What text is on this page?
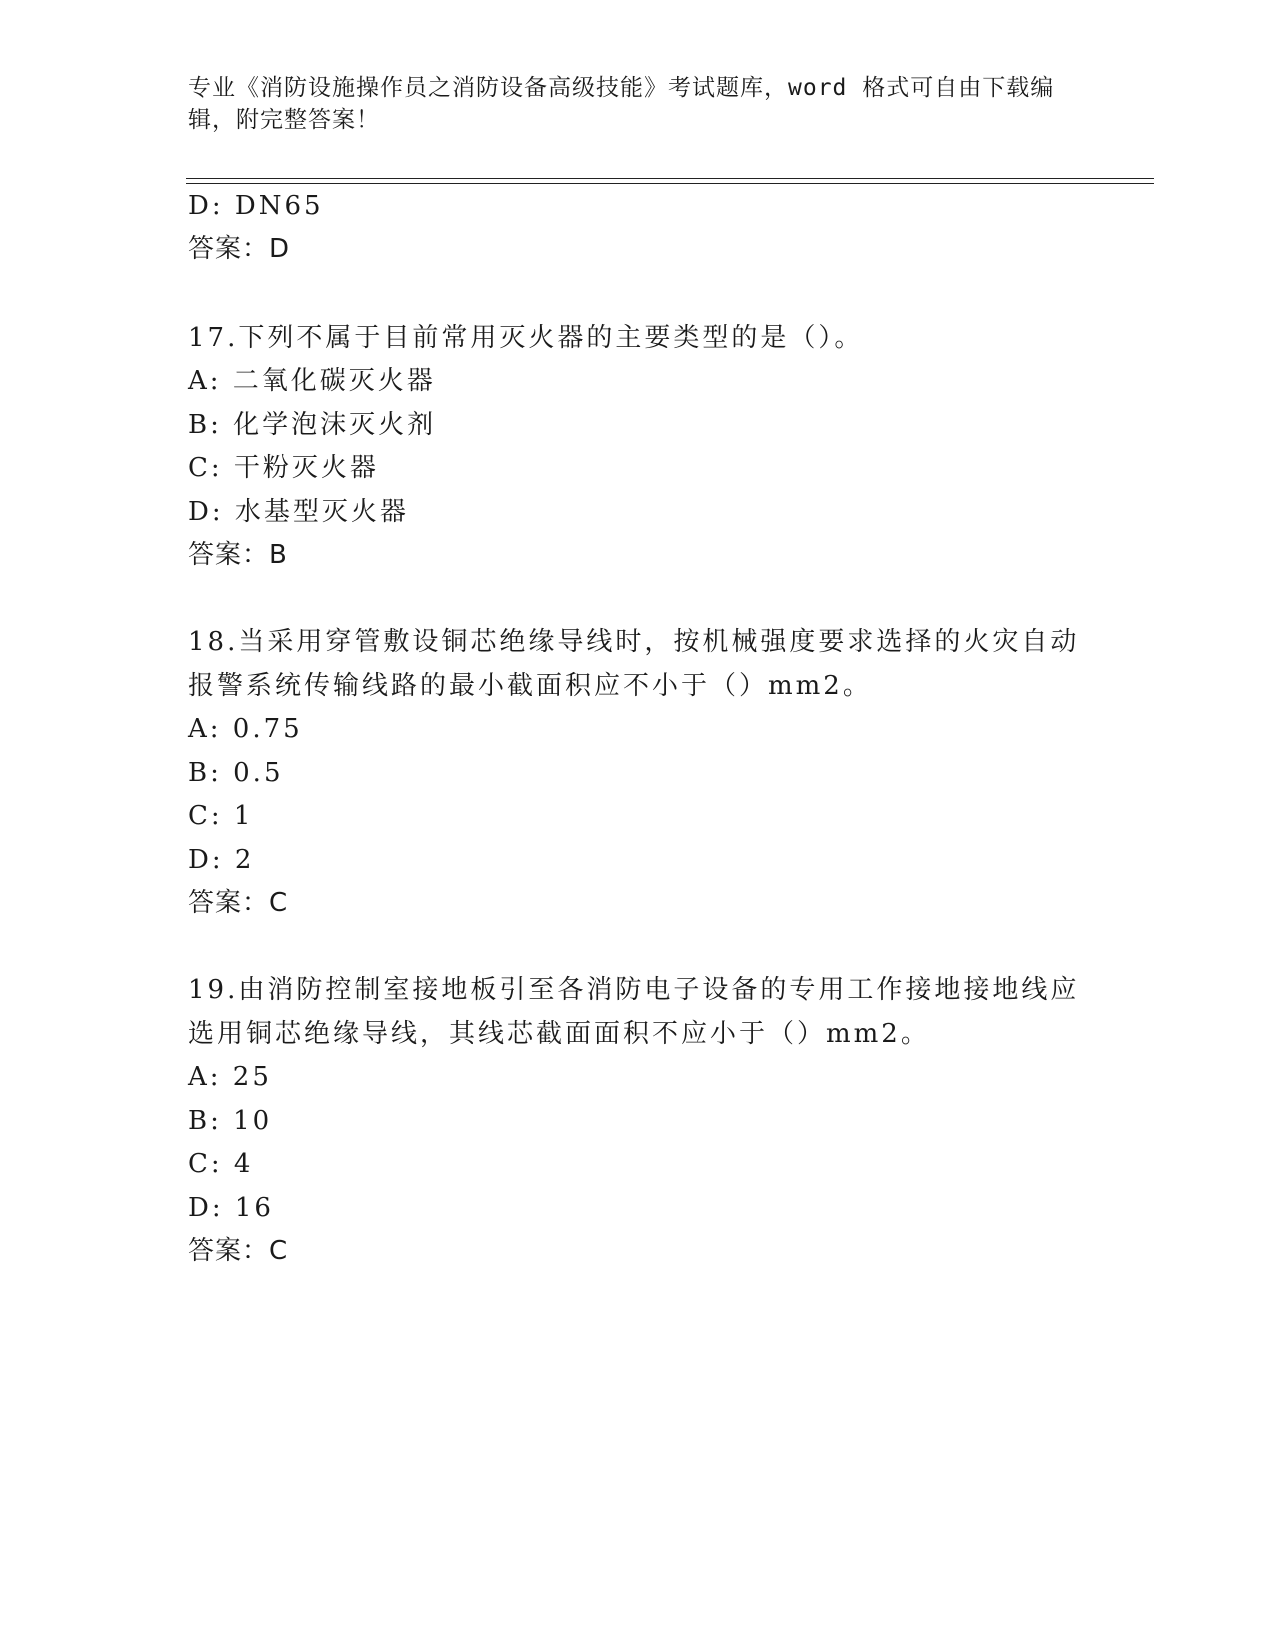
专业《消防设施操作员之消防设备高级技能》考试题库，word 格式可自由下载编
辑，附完整答案！
D: DN65
答案：D
17.下列不属于目前常用灭火器的主要类型的是（）。
A: 二氧化碳灭火器
B: 化学泡沫灭火剂
C: 干粉灭火器
D: 水基型灭火器
答案：B
18.当采用穿管敷设铜芯绝缘导线时，按机械强度要求选择的火灾自动
报警系统传输线路的最小截面积应不小于（）mm2。
A: 0.75
B: 0.5
C: 1
D: 2
答案：C
19.由消防控制室接地板引至各消防电子设备的专用工作接地接地线应
选用铜芯绝缘导线，其线芯截面面积不应小于（）mm2。
A: 25
B: 10
C: 4
D: 16
答案：C
